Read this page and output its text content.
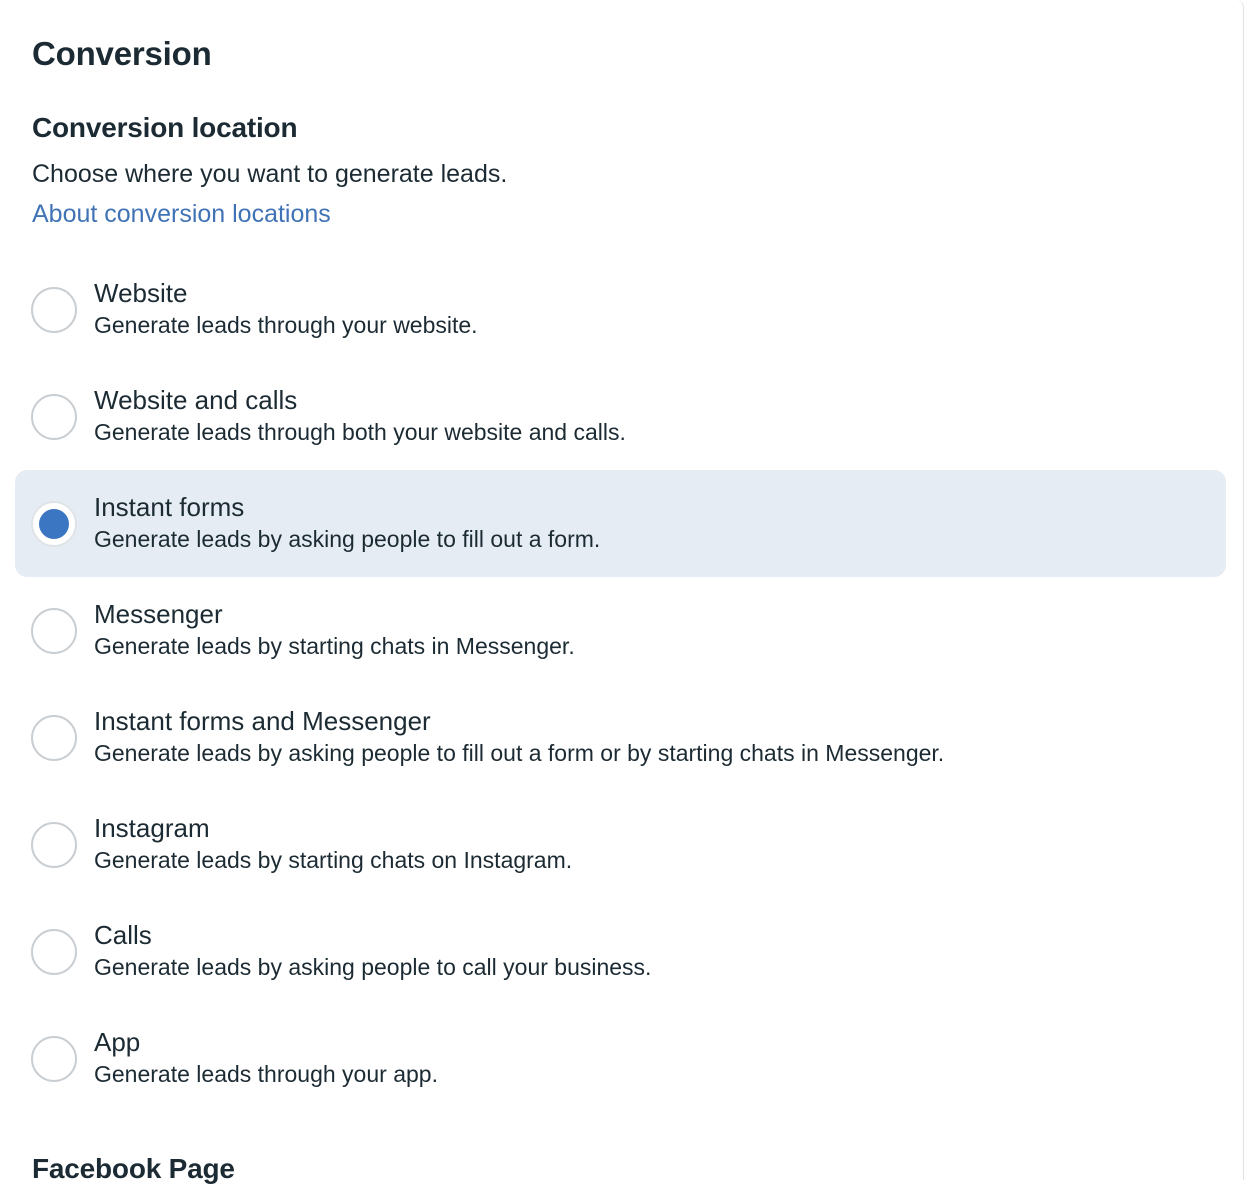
Conversion
Conversion location

Choose where you want to generate leads.

About conversion locations
Website
Generate leads through your website.
Website and calls
Generate leads through both your website and calls.
Instant forms
Generate leads by asking people to fill out a form.
Messenger
Generate leads by starting chats in Messenger.
Instant forms and Messenger
Generate leads by asking people to fill out a form or by starting chats in Messenger.
Instagram
Generate leads by starting chats on Instagram.
Calls
Generate leads by asking people to call your business.
App
Generate leads through your app.
Facebook Page
